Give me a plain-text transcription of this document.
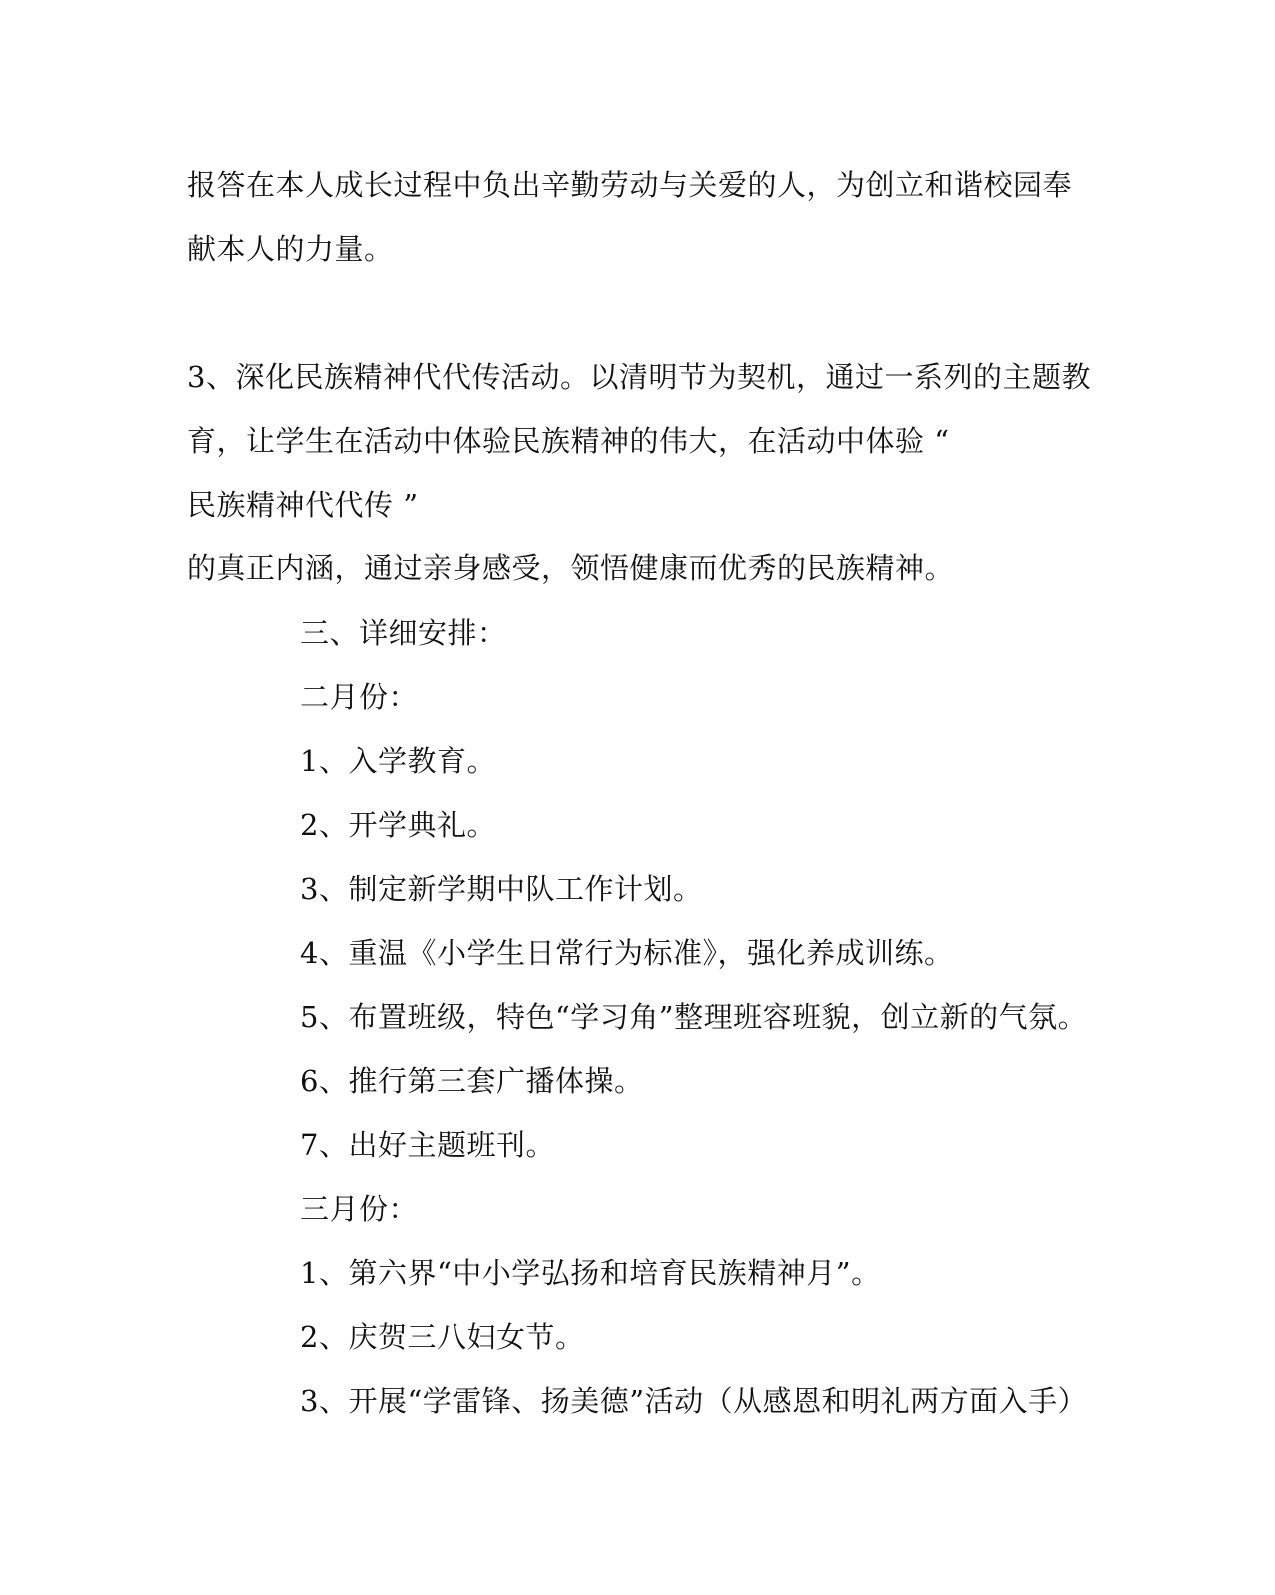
报答在本人成长过程中负出辛勤劳动与关爱的人，为创立和谐校园奉
献本人的力量。
3、深化民族精神代代传活动。以清明节为契机，通过一系列的主题教
育，让学生在活动中体验民族精神的伟大，在活动中体验 “
民族精神代代传 ”
的真正内涵，通过亲身感受，领悟健康而优秀的民族精神。
三、详细安排：
二月份：
1、入学教育。
2、开学典礼。
3、制定新学期中队工作计划。
4、重温《小学生日常行为标准》，强化养成训练。
5、布置班级，特色“学习角”整理班容班貌，创立新的气氛。
6、推行第三套广播体操。
7、出好主题班刊。
三月份：
1、第六界“中小学弘扬和培育民族精神月”。
2、庆贺三八妇女节。
3、开展“学雷锋、扬美德”活动（从感恩和明礼两方面入手）
